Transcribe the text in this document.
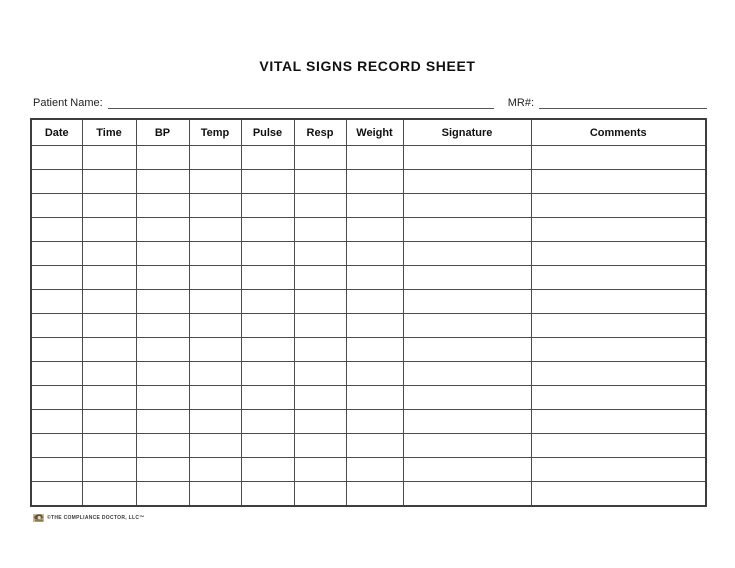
VITAL SIGNS RECORD SHEET
Patient Name:	MR#:
Date	Time	BP	Temp	Pulse	Resp	Weight	Signature	Comments

©THE COMPLIANCE DOCTOR, LLC™
